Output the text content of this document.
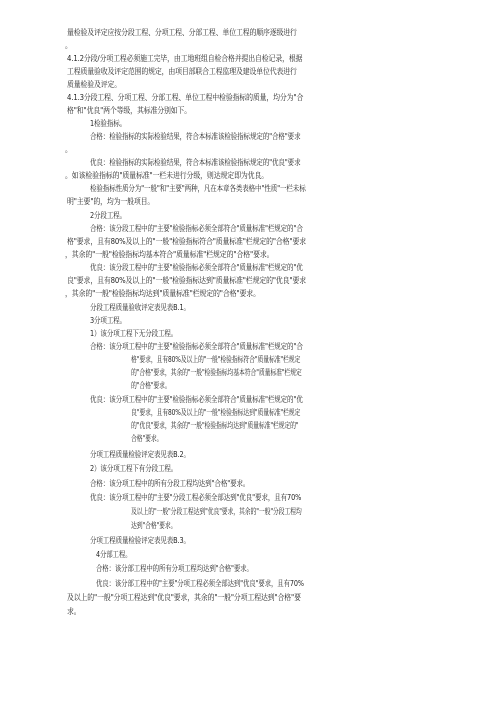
量检验及评定应按分段工程、分项工程、分部工程、单位工程的顺序逐级进行
。
4.1.2分段/分项工程必须施工完毕，由工地班组自检合格并提出自检记录，根据
工程质量验收及评定范围的规定，由项目部联合工程监理及建设单位代表进行
质量检验及评定。
4.1.3分段工程、分项工程、分部工程、单位工程中检验指标的质量，均分为"合
格"和"优良"两个等级，其标准分别如下。
1检验指标。
合格：检验指标的实际检验结果，符合本标准该检验指标规定的"合格"要求
。
优良：检验指标的实际检验结果，符合本标准该检验指标规定的"优良"要求
。如该检验指标的"质量标准"一栏未进行分级，则达规定即为优良。
检验指标性质分为"一般"和"主要"两种，凡在本章各类表格中"性质"一栏未标
明"主要"的，均为一般项目。
2分段工程。
合格：该分段工程中的"主要"检验指标必须全部符合"质量标准"栏规定的"合
格"要求，且有80%及以上的"一般"检验指标符合"质量标准"栏规定的"合格"要求
，其余的"一般"检验指标均基本符合"质量标准"栏规定的"合格"要求。
优良：该分段工程中的"主要"检验指标必须全部符合"质量标准"栏规定的"优
良"要求，且有80%及以上的"一般"检验指标达到"质量标准"栏规定的"优良"要求
，其余的"一般"检验指标均达到"质量标准"栏规定的"合格"要求。
分段工程质量验收评定表见表B.1。
3分项工程。
1）该分项工程下无分段工程。
合格：该分项工程中的"主要"检验指标必须全部符合"质量标准"栏规定的"合
格"要求，且有80%及以上的"一般"检验指标符合"质量标准"栏规定
的"合格"要求，其余的"一般"检验指标均基本符合"质量标准"栏规定
的"合格"要求。
优良：该分项工程中的"主要"检验指标必须全部符合"质量标准"栏规定的"优
良"要求，且有80%及以上的"一般"检验指标达到"质量标准"栏规定
的"优良"要求，其余的"一般"检验指标均达到"质量标准"栏规定的"
合格"要求。
分项工程质量检验评定表见表B.2。
2）该分项工程下有分段工程。
合格：该分项工程中的所有分段工程均达到"合格"要求。
优良：该分项工程中的"主要"分段工程必须全部达到"优良"要求，且有70%
及以上的"一般"分段工程达到"优良"要求，其余的"一般"分段工程均
达到"合格"要求。
分项工程质量检验评定表见表B.3。
4分部工程。
合格：该分部工程中的所有分项工程均达到"合格"要求。
优良：该分部工程中的"主要"分项工程必须全部达到"优良"要求，且有70%
及以上的"一般"分项工程达到"优良"要求，其余的"一般"分项工程达到"合格"要
求。
